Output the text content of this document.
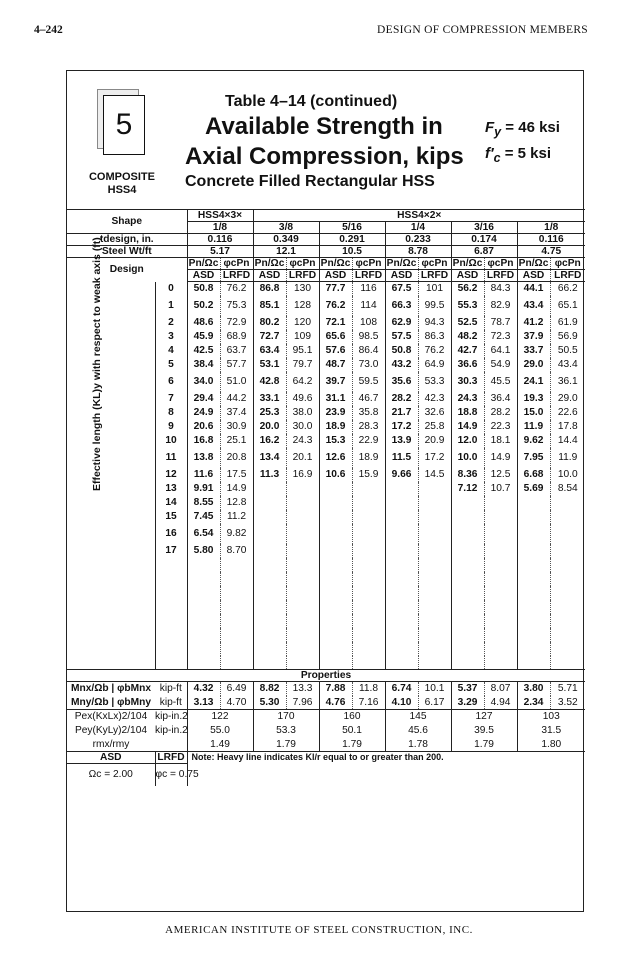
4–242	DESIGN OF COMPRESSION MEMBERS
5
COMPOSITE
HSS4
Table 4–14 (continued)
Available Strength in
Axial Compression, kips
Concrete Filled Rectangular HSS
$F_y = 46$ ksi
$f'_c = 5$ ksi
Shape		HSS4×3×		HSS4×2×									
		1/8		3/8		5/16		1/4		3/16		1/8	
tdesign, in.		0.116		0.349		0.291		0.233		0.174		0.116	
Steel Wt/ft		5.17		12.1		10.5		8.78		6.87		4.75	
Design		Pn/Ωc	φcPn	Pn/Ωc	φcPn	Pn/Ωc	φcPn	Pn/Ωc	φcPn	Pn/Ωc	φcPn	Pn/Ωc	φcPn
		ASD	LRFD	ASD	LRFD	ASD	LRFD	ASD	LRFD	ASD	LRFD	ASD	LRFD
	0	50.8	76.2	86.8	130	77.7	116	67.5	101	56.2	84.3	44.1	66.2
	1	50.2	75.3	85.1	128	76.2	114	66.3	99.5	55.3	82.9	43.4	65.1
	2	48.6	72.9	80.2	120	72.1	108	62.9	94.3	52.5	78.7	41.2	61.9
	3	45.9	68.9	72.7	109	65.6	98.5	57.5	86.3	48.2	72.3	37.9	56.9
	4	42.5	63.7	63.4	95.1	57.6	86.4	50.8	76.2	42.7	64.1	33.7	50.5
	5	38.4	57.7	53.1	79.7	48.7	73.0	43.2	64.9	36.6	54.9	29.0	43.4
	6	34.0	51.0	42.8	64.2	39.7	59.5	35.6	53.3	30.3	45.5	24.1	36.1
	7	29.4	44.2	33.1	49.6	31.1	46.7	28.2	42.3	24.3	36.4	19.3	29.0
	8	24.9	37.4	25.3	38.0	23.9	35.8	21.7	32.6	18.8	28.2	15.0	22.6
	9	20.6	30.9	20.0	30.0	18.9	28.3	17.2	25.8	14.9	22.3	11.9	17.8
	10	16.8	25.1	16.2	24.3	15.3	22.9	13.9	20.9	12.0	18.1	9.62	14.4
	11	13.8	20.8	13.4	20.1	12.6	18.9	11.5	17.2	10.0	14.9	7.95	11.9
	12	11.6	17.5	11.3	16.9	10.6	15.9	9.66	14.5	8.36	12.5	6.68	10.0
	13	9.91	14.9							7.12	10.7	5.69	8.54
	14	8.55	12.8										
	15	7.45	11.2										
	16	6.54	9.82										
	17	5.80	8.70										

Properties													
Mnx/Ωb | φbMnx	kip-ft	4.32	6.49	8.82	13.3	7.88	11.8	6.74	10.1	5.37	8.07	3.80	5.71
Mny/Ωb | φbMny	kip-ft	3.13	4.70	5.30	7.96	4.76	7.16	4.10	6.17	3.29	4.94	2.34	3.52
Pex(KxLx)2/104	kip-in.2	122		170		160		145		127		103	
Pey(KyLy)2/104	kip-in.2	55.0		53.3		50.1		45.6		39.5		31.5	
rmx/rmy		1.49		1.79		1.79		1.78		1.79		1.80	
ASD	LRFD	Note: Heavy line indicates Kl/r equal to or greater than 200.											
Ωc = 2.00	φc = 0.75												
Effective length (KL)y with respect to weak axis (ft)
AMERICAN INSTITUTE OF STEEL CONSTRUCTION, INC.
